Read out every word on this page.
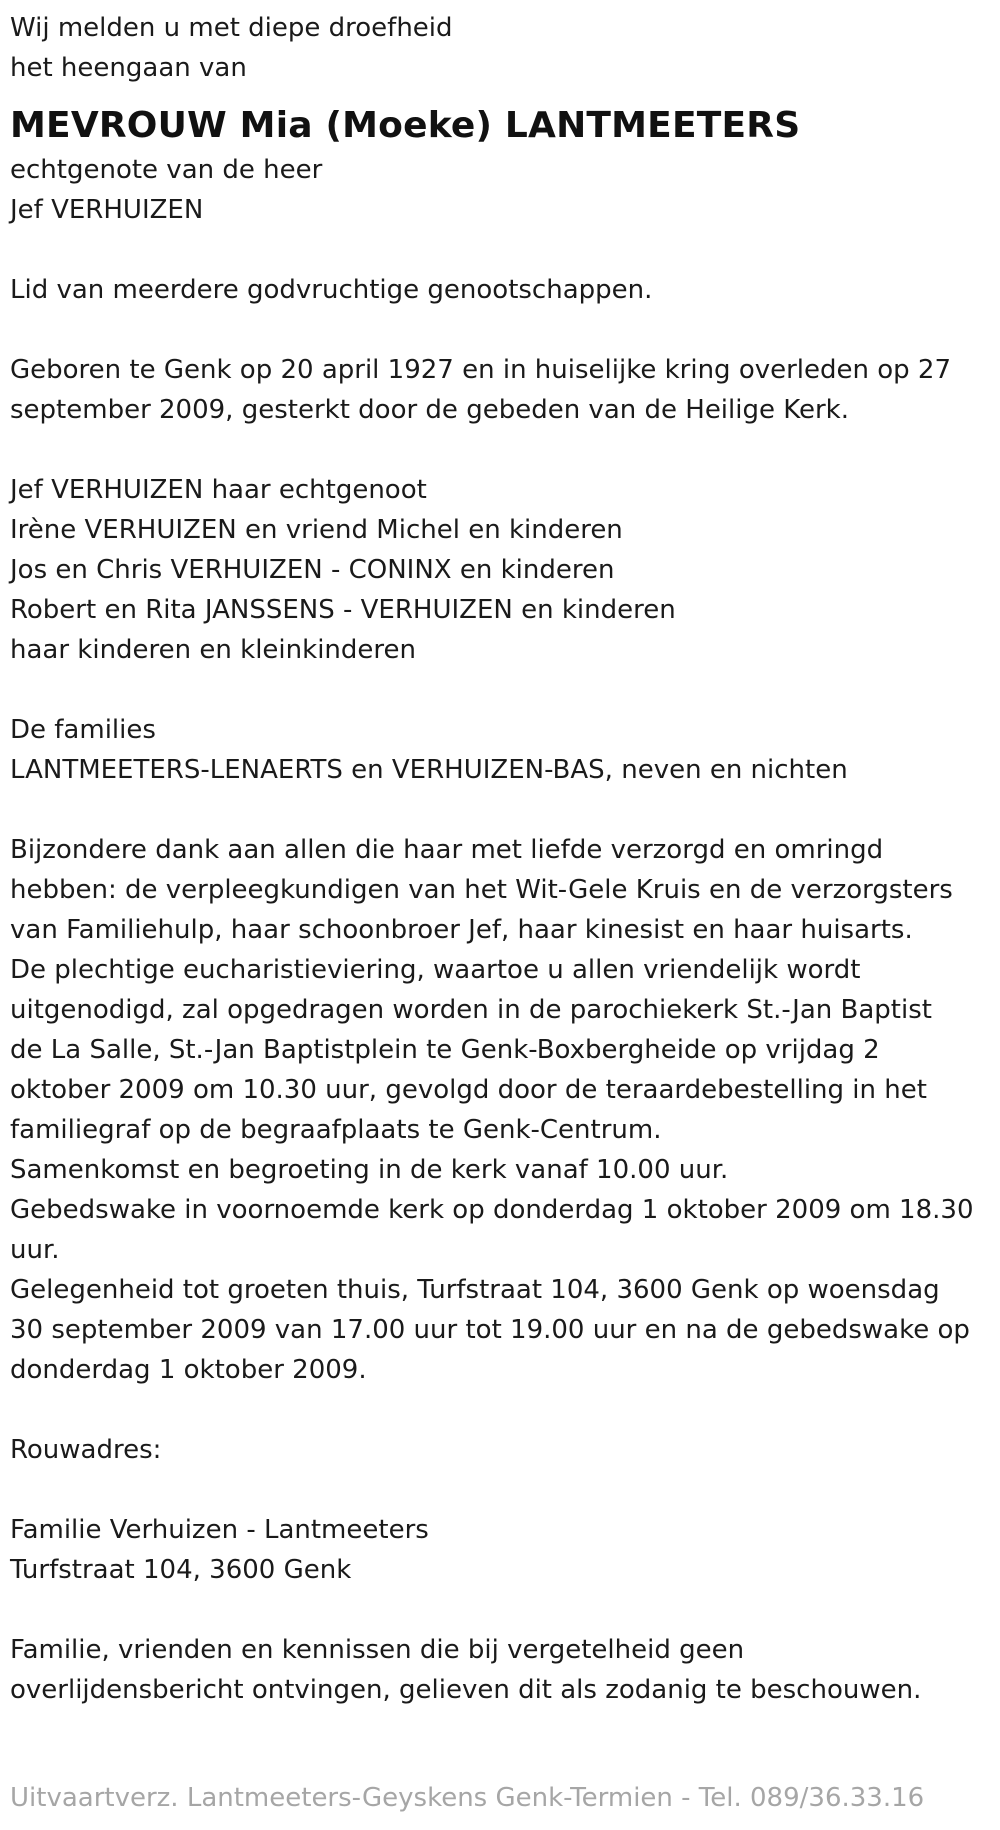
Wij melden u met diepe droefheid
het heengaan van
MEVROUW Mia (Moeke) LANTMEETERS
echtgenote van de heer
Jef VERHUIZEN
Lid van meerdere godvruchtige genootschappen.
Geboren te Genk op 20 april 1927 en in huiselijke kring overleden op 27
september 2009, gesterkt door de gebeden van de Heilige Kerk.
Jef VERHUIZEN haar echtgenoot
Irène VERHUIZEN en vriend Michel en kinderen
Jos en Chris VERHUIZEN - CONINX en kinderen
Robert en Rita JANSSENS - VERHUIZEN en kinderen
haar kinderen en kleinkinderen
De families
LANTMEETERS-LENAERTS en VERHUIZEN-BAS, neven en nichten
Bijzondere dank aan allen die haar met liefde verzorgd en omringd
hebben: de verpleegkundigen van het Wit-Gele Kruis en de verzorgsters
van Familiehulp, haar schoonbroer Jef, haar kinesist en haar huisarts.
De plechtige eucharistieviering, waartoe u allen vriendelijk wordt
uitgenodigd, zal opgedragen worden in de parochiekerk St.-Jan Baptist
de La Salle, St.-Jan Baptistplein te Genk-Boxbergheide op vrijdag 2
oktober 2009 om 10.30 uur, gevolgd door de teraardebestelling in het
familiegraf op de begraafplaats te Genk-Centrum.
Samenkomst en begroeting in de kerk vanaf 10.00 uur.
Gebedswake in voornoemde kerk op donderdag 1 oktober 2009 om 18.30
uur.
Gelegenheid tot groeten thuis, Turfstraat 104, 3600 Genk op woensdag
30 september 2009 van 17.00 uur tot 19.00 uur en na de gebedswake op
donderdag 1 oktober 2009.
Rouwadres:
Familie Verhuizen - Lantmeeters
Turfstraat 104, 3600 Genk
Familie, vrienden en kennissen die bij vergetelheid geen
overlijdensbericht ontvingen, gelieven dit als zodanig te beschouwen.
Uitvaartverz. Lantmeeters-Geyskens Genk-Termien - Tel. 089/36.33.16
